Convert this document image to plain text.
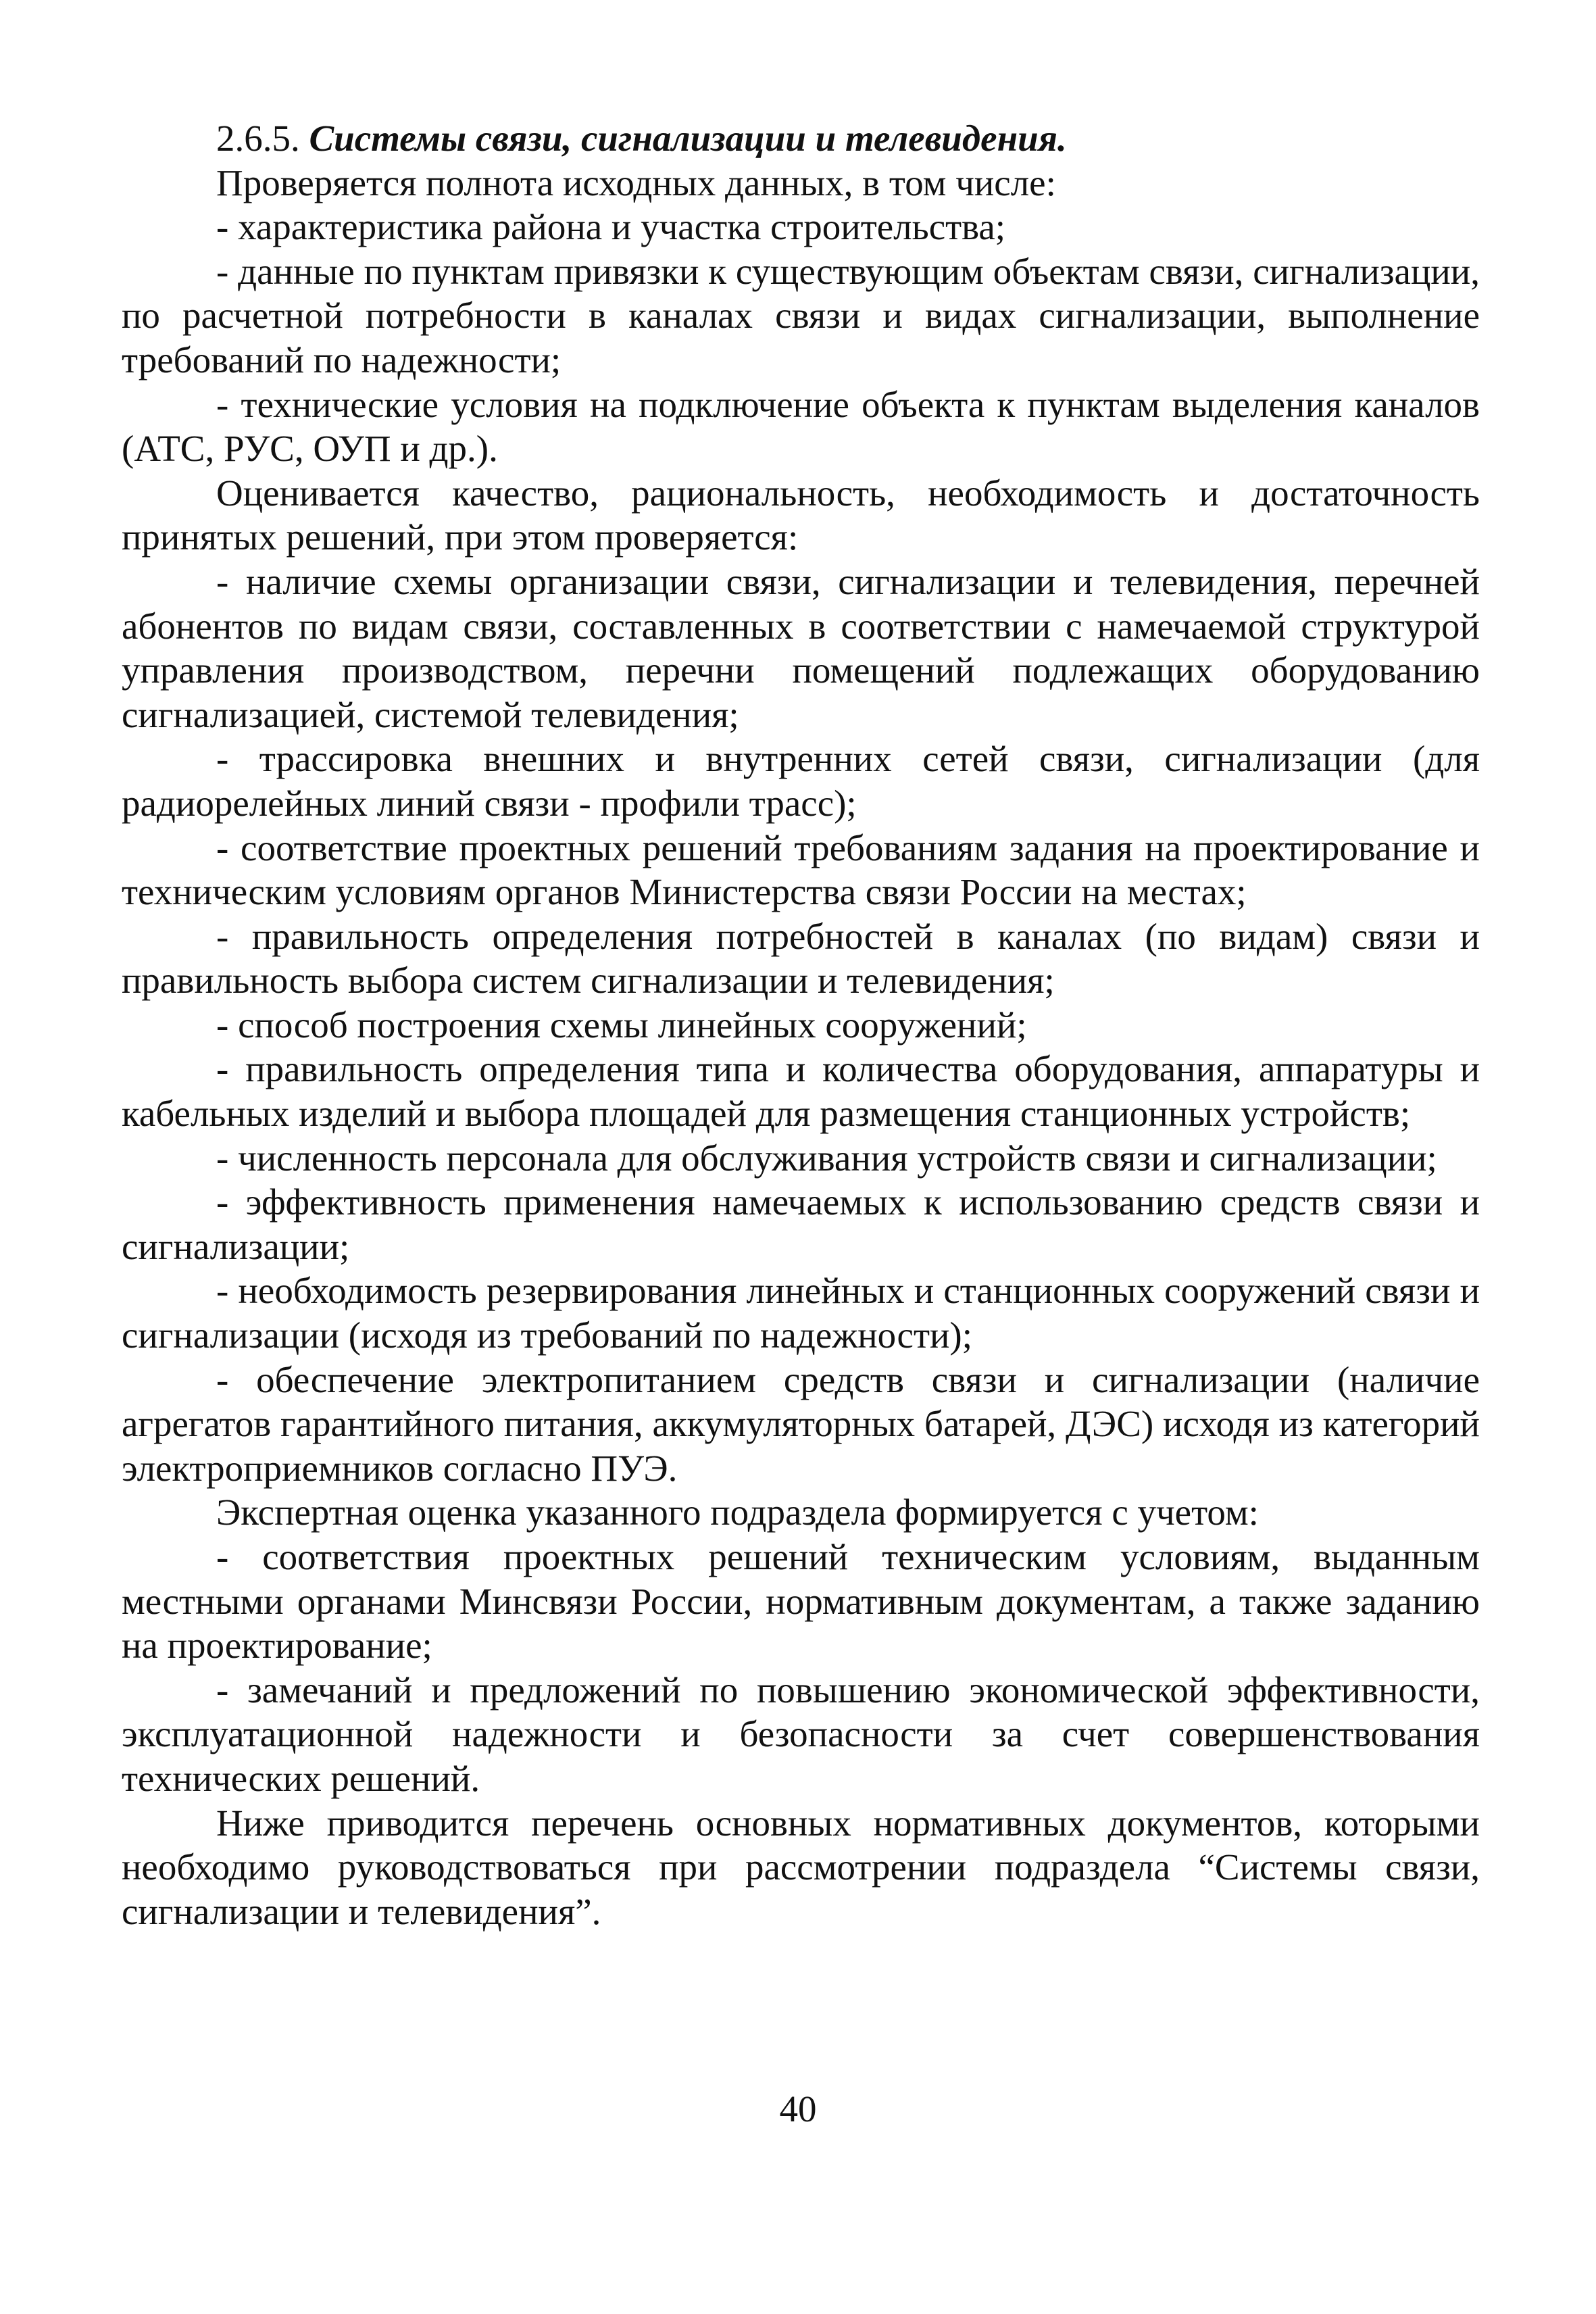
2.6.5. Системы связи, сигнализации и телевидения.

Проверяется полнота исходных данных, в том числе:

- характеристика района и участка строительства;

- данные по пунктам привязки к существующим объектам связи, сигнализации, по расчетной потребности в каналах связи и видах сигнализации, выполнение требований по надежности;

- технические условия на подключение объекта к пунктам выделения каналов (АТС, РУС, ОУП и др.).

Оценивается качество, рациональность, необходимость и достаточность принятых решений, при этом проверяется:

- наличие схемы организации связи, сигнализации и телевидения, перечней абонентов по видам связи, составленных в соответствии с намечаемой структурой управления производством, перечни помещений подлежащих оборудованию сигнализацией, системой телевидения;

- трассировка внешних и внутренних сетей связи, сигнализации (для радиорелейных линий связи - профили трасс);

- соответствие проектных решений требованиям задания на проектирование и техническим условиям органов Министерства связи России на местах;

- правильность определения потребностей в каналах (по видам) связи и правильность выбора систем сигнализации и телевидения;

- способ построения схемы линейных сооружений;

- правильность определения типа и количества оборудования, аппаратуры и кабельных изделий и выбора площадей для размещения станционных устройств;

- численность персонала для обслуживания устройств связи и сигнализации;

- эффективность применения намечаемых к использованию средств связи и сигнализации;

- необходимость резервирования линейных и станционных сооружений связи и сигнализации (исходя из требований по надежности);

- обеспечение электропитанием средств связи и сигнализации (наличие агрегатов гарантийного питания, аккумуляторных батарей, ДЭС) исходя из категорий электроприемников согласно ПУЭ.

Экспертная оценка указанного подраздела формируется с учетом:

- соответствия проектных решений техническим условиям, выданным местными органами Минсвязи России, нормативным документам, а также заданию на проектирование;

- замечаний и предложений по повышению экономической эффективности, эксплуатационной надежности и безопасности за счет совершенствования технических решений.

Ниже приводится перечень основных нормативных документов, которыми необходимо руководствоваться при рассмотрении подраздела “Системы связи, сигнализации и телевидения”.

40
